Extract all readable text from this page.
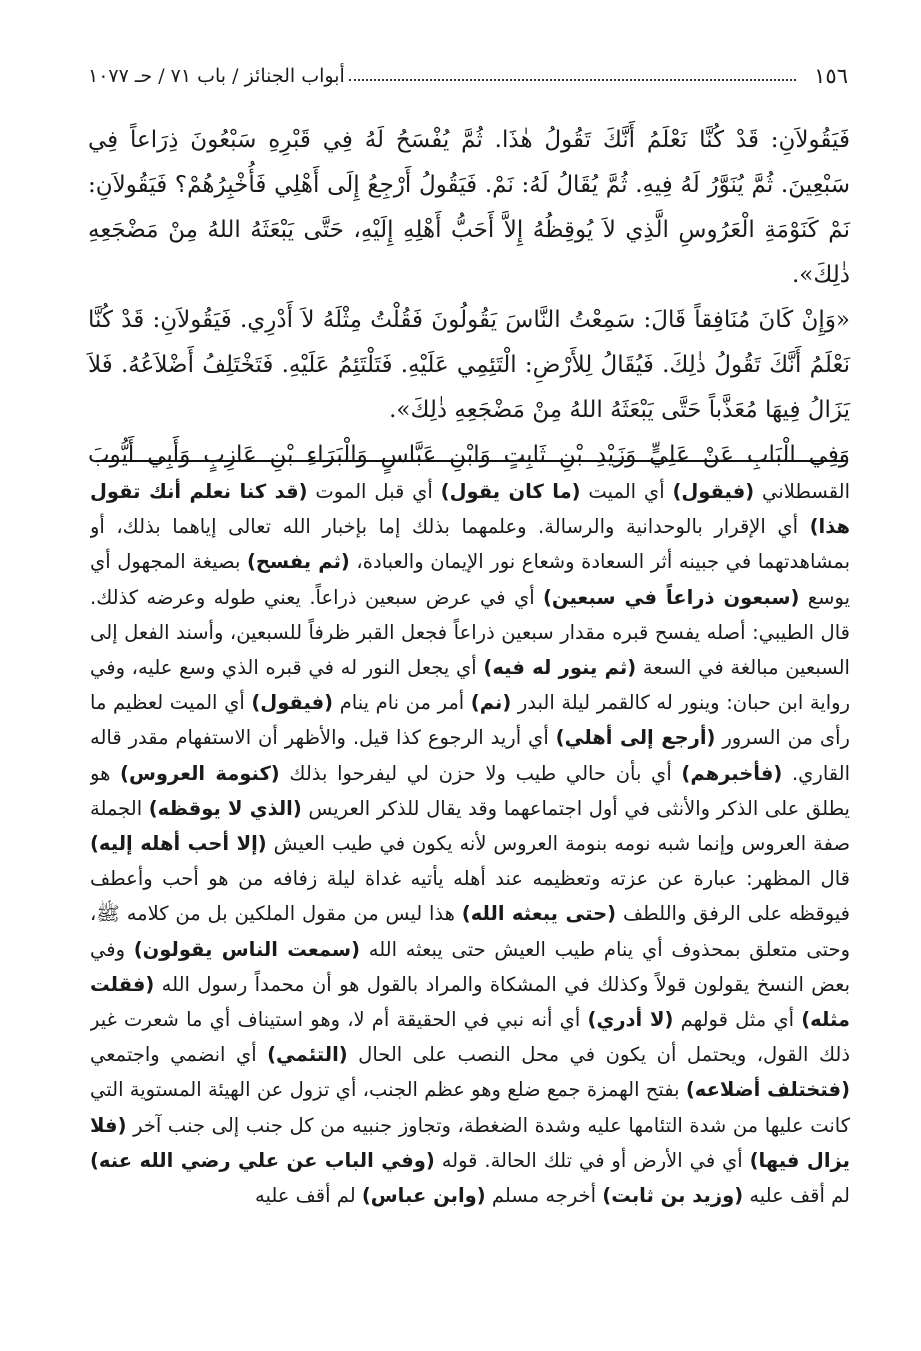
١٥٦
أبواب الجنائز / باب ٧١ / حـ ١٠٧٧

فَيَقُولاَنِ: قَدْ كُنَّا نَعْلَمُ أَنَّكَ تَقُولُ هٰذَا. ثُمَّ يُفْسَحُ لَهُ فِي قَبْرِهِ سَبْعُونَ ذِرَاعاً فِي سَبْعِينَ. ثُمَّ يُنَوَّرُ لَهُ فِيهِ. ثُمَّ يُقَالُ لَهُ: نَمْ. فَيَقُولُ أَرْجِعُ إِلَى أَهْلِي فَأُخْبِرُهُمْ؟ فَيَقُولاَنِ: نَمْ كَنَوْمَةِ الْعَرُوسِ الَّذِي لاَ يُوقِظُهُ إِلاَّ أَحَبُّ أَهْلِهِ إِلَيْهِ، حَتَّى يَبْعَثَهُ اللهُ مِنْ مَضْجَعِهِ ذٰلِكَ».

«وَإِنْ كَانَ مُنَافِقاً قَالَ: سَمِعْتُ النَّاسَ يَقُولُونَ فَقُلْتُ مِثْلَهُ لاَ أَدْرِي. فَيَقُولاَنِ: قَدْ كُنَّا نَعْلَمُ أَنَّكَ تَقُولُ ذٰلِكَ. فَيُقَالُ لِلأَرْضِ: الْتَئِمِي عَلَيْهِ. فَتَلْتَئِمُ عَلَيْهِ. فَتَخْتَلِفُ أَضْلاَعُهُ. فَلاَ يَزَالُ فِيهَا مُعَذَّباً حَتَّى يَبْعَثَهُ اللهُ مِنْ مَضْجَعِهِ ذٰلِكَ».

وَفِي الْبَابِ عَنْ عَلِيٍّ وَزَيْدِ بْنِ ثَابِتٍ وَابْنِ عَبَّاسٍ وَالْبَرَاءِ بْنِ عَازِبٍ وَأَبِي أَيُّوبَ

القسطلاني (فيقول) أي الميت (ما كان يقول) أي قبل الموت (قد كنا نعلم أنك تقول هذا) أي الإقرار بالوحدانية والرسالة. وعلمهما بذلك إما بإخبار الله تعالى إياهما بذلك، أو بمشاهدتهما في جبينه أثر السعادة وشعاع نور الإيمان والعبادة، (ثم يفسح) بصيغة المجهول أي يوسع (سبعون ذراعاً في سبعين) أي في عرض سبعين ذراعاً. يعني طوله وعرضه كذلك. قال الطيبي: أصله يفسح قبره مقدار سبعين ذراعاً فجعل القبر ظرفاً للسبعين، وأسند الفعل إلى السبعين مبالغة في السعة (ثم ينور له فيه) أي يجعل النور له في قبره الذي وسع عليه، وفي رواية ابن حبان: وينور له كالقمر ليلة البدر (نم) أمر من نام ينام (فيقول) أي الميت لعظيم ما رأى من السرور (أرجع إلى أهلي) أي أريد الرجوع كذا قيل. والأظهر أن الاستفهام مقدر قاله القاري. (فأخبرهم) أي بأن حالي طيب ولا حزن لي ليفرحوا بذلك (كنومة العروس) هو يطلق على الذكر والأنثى في أول اجتماعهما وقد يقال للذكر العريس (الذي لا يوقظه) الجملة صفة العروس وإنما شبه نومه بنومة العروس لأنه يكون في طيب العيش (إلا أحب أهله إليه) قال المظهر: عبارة عن عزته وتعظيمه عند أهله يأتيه غداة ليلة زفافه من هو أحب وأعطف فيوقظه على الرفق واللطف (حتى يبعثه الله) هذا ليس من مقول الملكين بل من كلامه ﷺ، وحتى متعلق بمحذوف أي ينام طيب العيش حتى يبعثه الله (سمعت الناس يقولون) وفي بعض النسخ يقولون قولاً وكذلك في المشكاة والمراد بالقول هو أن محمداً رسول الله (فقلت مثله) أي مثل قولهم (لا أدري) أي أنه نبي في الحقيقة أم لا، وهو استيناف أي ما شعرت غير ذلك القول، ويحتمل أن يكون في محل النصب على الحال (التئمي) أي انضمي واجتمعي (فتختلف أضلاعه) بفتح الهمزة جمع ضلع وهو عظم الجنب، أي تزول عن الهيئة المستوية التي كانت عليها من شدة التئامها عليه وشدة الضغطة، وتجاوز جنبيه من كل جنب إلى جنب آخر (فلا يزال فيها) أي في الأرض أو في تلك الحالة. قوله (وفي الباب عن علي رضي الله عنه) لم أقف عليه (وزيد بن ثابت) أخرجه مسلم (وابن عباس) لم أقف عليه
